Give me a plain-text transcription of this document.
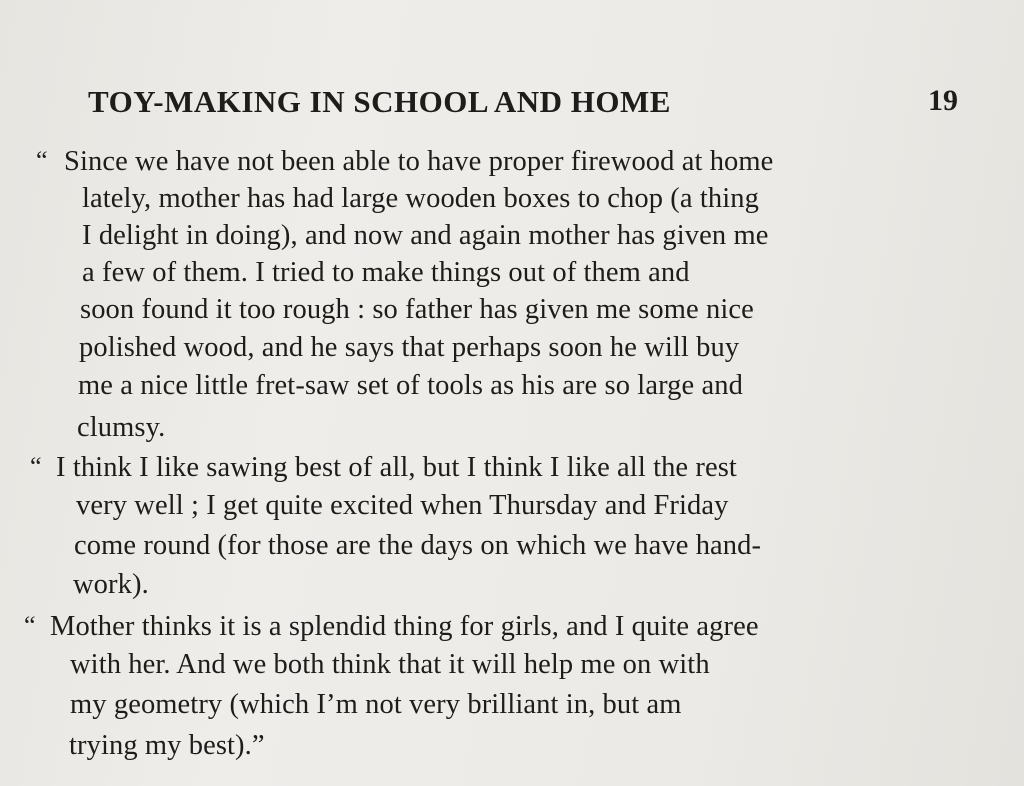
TOY-MAKING IN SCHOOL AND HOME	19
“ Since we have not been able to have proper firewood at home
lately, mother has had large wooden boxes to chop (a thing
I delight in doing), and now and again mother has given me
a few of them. I tried to make things out of them and
soon found it too rough : so father has given me some nice
polished wood, and he says that perhaps soon he will buy
me a nice little fret-saw set of tools as his are so large and
clumsy.
“ I think I like sawing best of all, but I think I like all the rest
very well ; I get quite excited when Thursday and Friday
come round (for those are the days on which we have hand-
work).
“ Mother thinks it is a splendid thing for girls, and I quite agree
with her. And we both think that it will help me on with
my geometry (which I’m not very brilliant in, but am
trying my best).”
